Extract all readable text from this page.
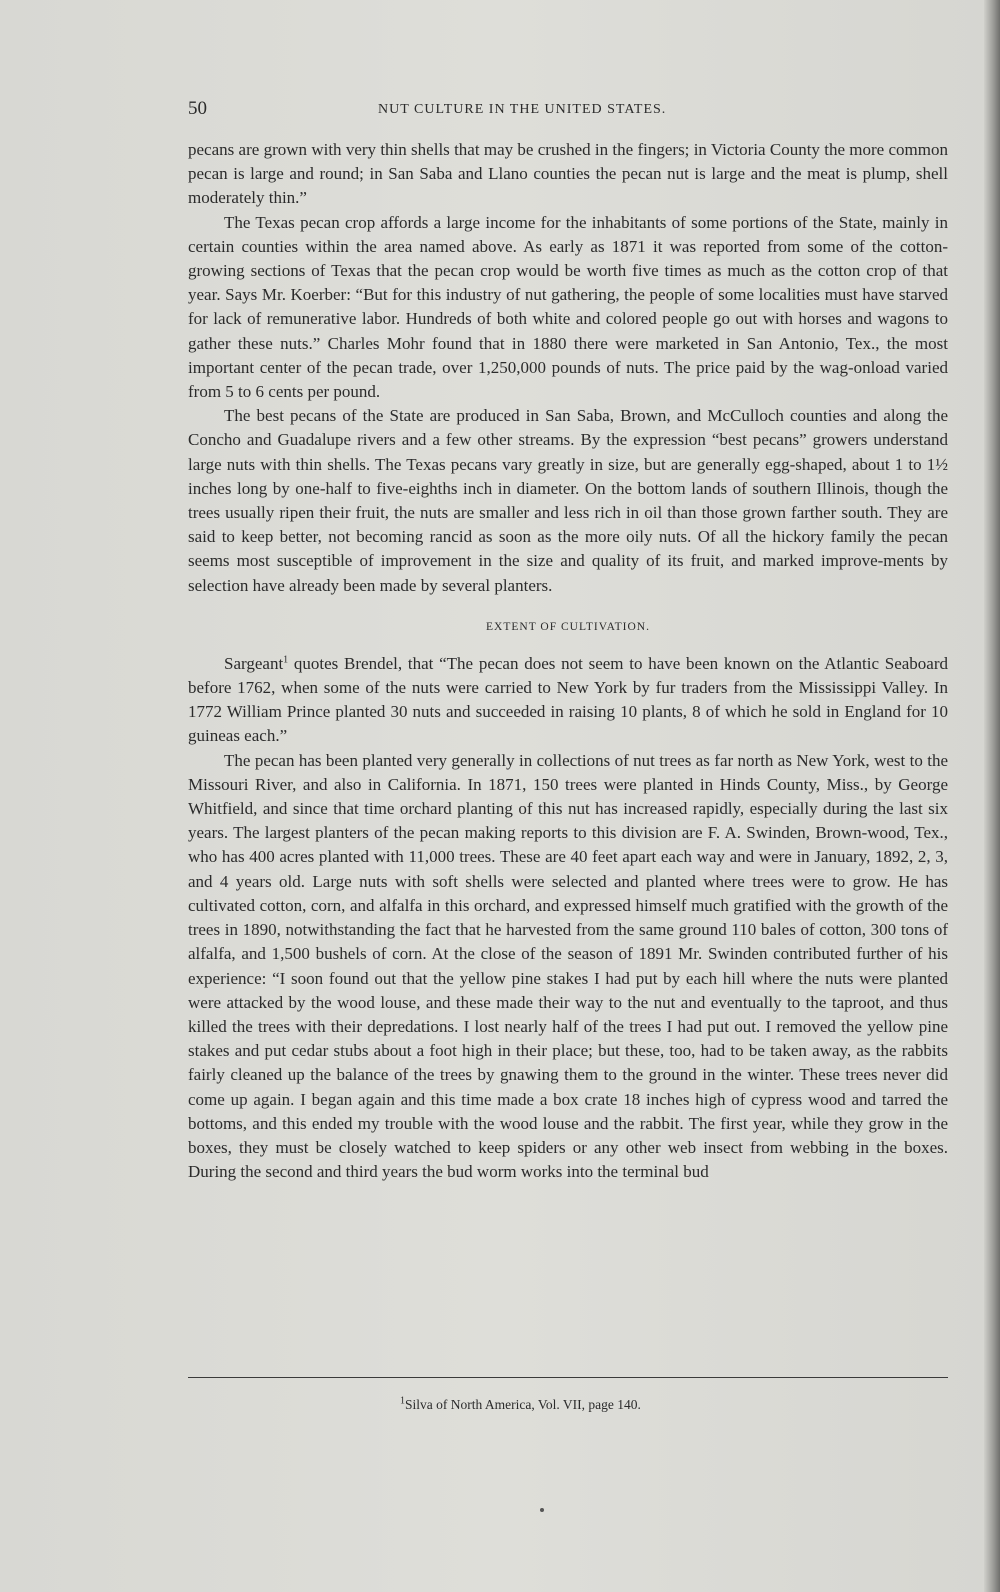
50	NUT CULTURE IN THE UNITED STATES.

pecans are grown with very thin shells that may be crushed in the fingers; in Victoria County the more common pecan is large and round; in San Saba and Llano counties the pecan nut is large and the meat is plump, shell moderately thin.”

The Texas pecan crop affords a large income for the inhabitants of some portions of the State, mainly in certain counties within the area named above. As early as 1871 it was reported from some of the cotton-growing sections of Texas that the pecan crop would be worth five times as much as the cotton crop of that year. Says Mr. Koerber: “But for this industry of nut gathering, the people of some localities must have starved for lack of remunerative labor. Hundreds of both white and colored people go out with horses and wagons to gather these nuts.” Charles Mohr found that in 1880 there were marketed in San Antonio, Tex., the most important center of the pecan trade, over 1,250,000 pounds of nuts. The price paid by the wag-onload varied from 5 to 6 cents per pound.

The best pecans of the State are produced in San Saba, Brown, and McCulloch counties and along the Concho and Guadalupe rivers and a few other streams. By the expression “best pecans” growers understand large nuts with thin shells. The Texas pecans vary greatly in size, but are generally egg-shaped, about 1 to 1½ inches long by one-half to five-eighths inch in diameter. On the bottom lands of southern Illinois, though the trees usually ripen their fruit, the nuts are smaller and less rich in oil than those grown farther south. They are said to keep better, not becoming rancid as soon as the more oily nuts. Of all the hickory family the pecan seems most susceptible of improvement in the size and quality of its fruit, and marked improve-ments by selection have already been made by several planters.

EXTENT OF CULTIVATION.

Sargeant$^1$ quotes Brendel, that “The pecan does not seem to have been known on the Atlantic Seaboard before 1762, when some of the nuts were carried to New York by fur traders from the Mississippi Valley. In 1772 William Prince planted 30 nuts and succeeded in raising 10 plants, 8 of which he sold in England for 10 guineas each.”

The pecan has been planted very generally in collections of nut trees as far north as New York, west to the Missouri River, and also in California. In 1871, 150 trees were planted in Hinds County, Miss., by George Whitfield, and since that time orchard planting of this nut has increased rapidly, especially during the last six years. The largest planters of the pecan making reports to this division are F. A. Swinden, Brown-wood, Tex., who has 400 acres planted with 11,000 trees. These are 40 feet apart each way and were in January, 1892, 2, 3, and 4 years old. Large nuts with soft shells were selected and planted where trees were to grow. He has cultivated cotton, corn, and alfalfa in this orchard, and expressed himself much gratified with the growth of the trees in 1890, notwithstanding the fact that he harvested from the same ground 110 bales of cotton, 300 tons of alfalfa, and 1,500 bushels of corn. At the close of the season of 1891 Mr. Swinden contributed further of his experience: “I soon found out that the yellow pine stakes I had put by each hill where the nuts were planted were attacked by the wood louse, and these made their way to the nut and eventually to the taproot, and thus killed the trees with their depredations. I lost nearly half of the trees I had put out. I removed the yellow pine stakes and put cedar stubs about a foot high in their place; but these, too, had to be taken away, as the rabbits fairly cleaned up the balance of the trees by gnawing them to the ground in the winter. These trees never did come up again. I began again and this time made a box crate 18 inches high of cypress wood and tarred the bottoms, and this ended my trouble with the wood louse and the rabbit. The first year, while they grow in the boxes, they must be closely watched to keep spiders or any other web insect from webbing in the boxes. During the second and third years the bud worm works into the terminal bud

$^1$Silva of North America, Vol. VII, page 140.
